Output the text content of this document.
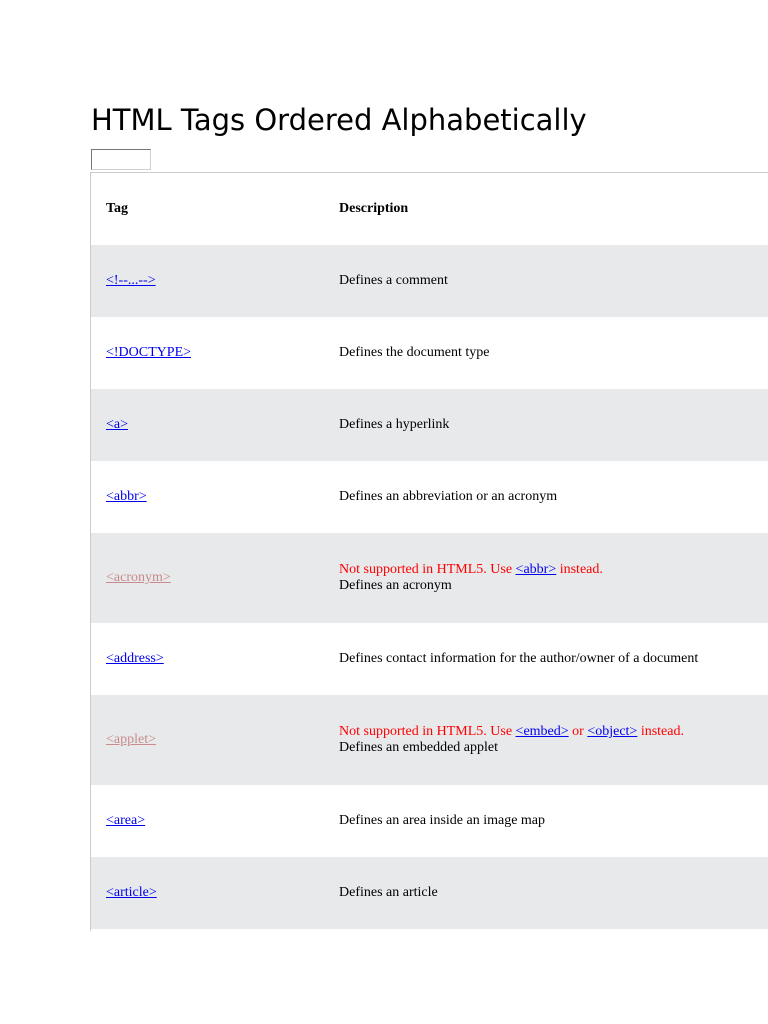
HTML Tags Ordered Alphabetically
Tag	Description
<!--...-->	Defines a comment
<!DOCTYPE>	Defines the document type
<a>	Defines a hyperlink
<abbr>	Defines an abbreviation or an acronym
<acronym>	Not supported in HTML5. Use <abbr> instead.
Defines an acronym

<address>	Defines contact information for the author/owner of a document
<applet>	Not supported in HTML5. Use <embed> or <object> instead.
Defines an embedded applet

<area>	Defines an area inside an image map
<article>	Defines an article
